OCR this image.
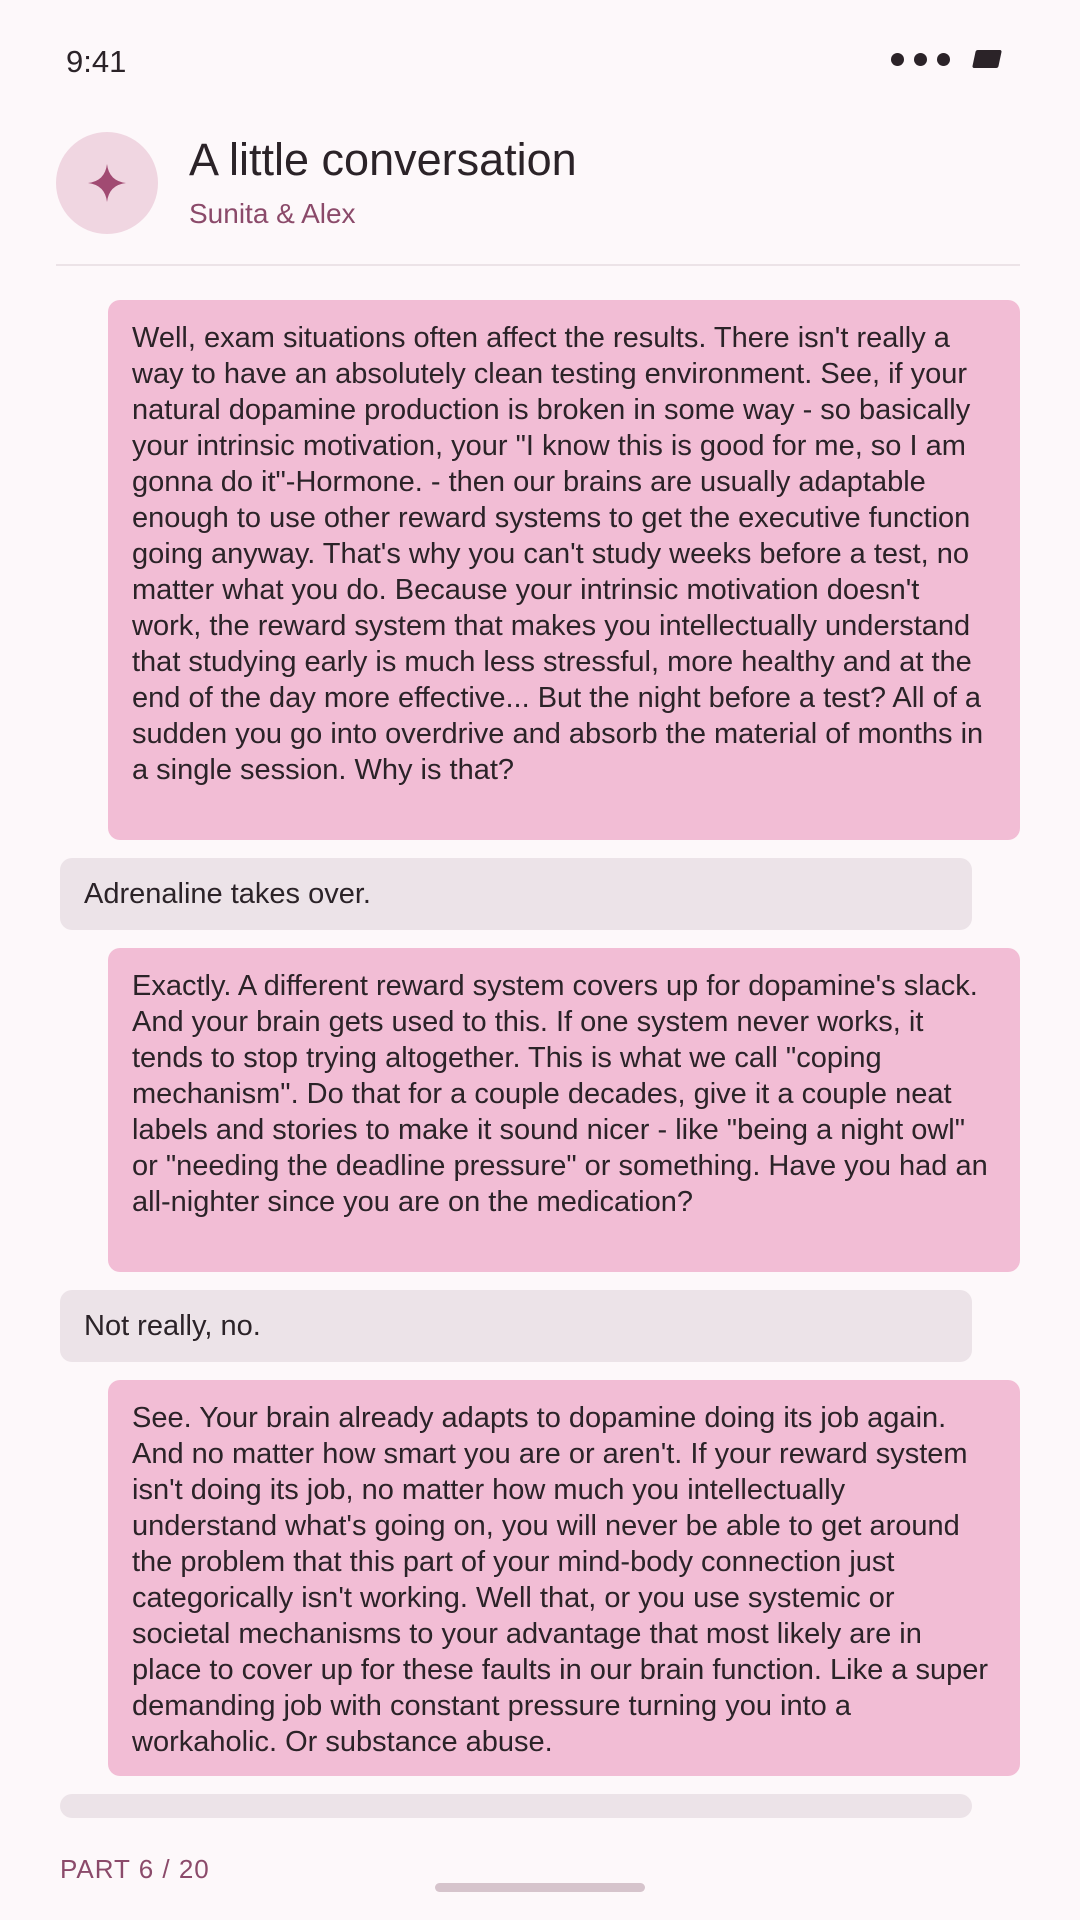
9:41
A little conversation
Sunita & Alex
Well, exam situations often affect the results. There isn't really a way to have an absolutely clean testing environment. See, if your natural dopamine production is broken in some way - so basically your intrinsic motivation, your "I know this is good for me, so I am gonna do it"-Hormone. - then our brains are usually adaptable enough to use other reward systems to get the executive function going anyway. That's why you can't study weeks before a test, no matter what you do. Because your intrinsic motivation doesn't work, the reward system that makes you intellectually understand that studying early is much less stressful, more healthy and at the end of the day more effective... But the night before a test? All of a sudden you go into overdrive and absorb the material of months in a single session. Why is that?
Adrenaline takes over.
Exactly. A different reward system covers up for dopamine's slack. And your brain gets used to this. If one system never works, it tends to stop trying altogether. This is what we call "coping mechanism". Do that for a couple decades, give it a couple neat labels and stories to make it sound nicer - like "being a night owl" or "needing the deadline pressure" or something. Have you had an all-nighter since you are on the medication?
Not really, no.
See. Your brain already adapts to dopamine doing its job again. And no matter how smart you are or aren't. If your reward system isn't doing its job, no matter how much you intellectually understand what's going on, you will never be able to get around the problem that this part of your mind-body connection just categorically isn't working. Well that, or you use systemic or societal mechanisms to your advantage that most likely are in place to cover up for these faults in our brain function. Like a super demanding job with constant pressure turning you into a workaholic. Or substance abuse.
PART 6 / 20
